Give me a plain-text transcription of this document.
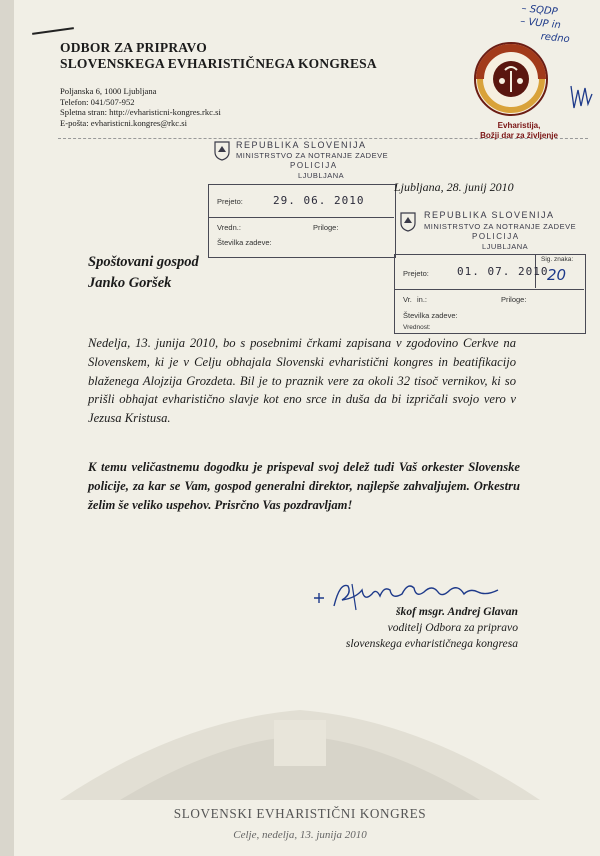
ODBOR ZA PRIPRAVO
SLOVENSKEGA EVHARISTIČNEGA KONGRESA
Poljanska 6, 1000 Ljubljana
Telefon: 041/507-952
Spletna stran: http://evharisticni-kongres.rkc.si
E-pošta: evharisticni.kongres@rkc.si	Evharistija,
Božji dar za življenje
– SQDP
– VUP in
redno
REPUBLIKA SLOVENIJA
MINISTRSTVO ZA NOTRANJE ZADEVE
POLICIJA
LJUBLJANA
Prejeto:	29. 06. 2010
Vredn.:	Priloge:
Številka zadeve:
Ljubljana, 28. junij 2010
REPUBLIKA SLOVENIJA
MINISTRSTVO ZA NOTRANJE ZADEVE
POLICIJA
LJUBLJANA
Prejeto:	01. 07. 2010
Sig. znaka:
20
Vr. in.:	Priloge:
Številka zadeve:
Vrednost:
Spoštovani gospod
Janko Goršek
Nedelja, 13. junija 2010, bo s posebnimi črkami zapisana v zgodovino Cerkve na Slovenskem, ki je v Celju obhajala Slovenski evharistični kongres in beatifikacijo blaženega Alojzija Grozdeta. Bil je to praznik vere za okoli 32 tisoč vernikov, ki so prišli obhajat evharistično slavje kot eno srce in duša da bi izpričali svojo vero v Jezusa Kristusa.
K temu veličastnemu dogodku je prispeval svoj delež tudi Vaš orkester Slovenske policije, za kar se Vam, gospod generalni direktor, najlepše zahvaljujem. Orkestru želim še veliko uspehov. Prisrčno Vas pozdravljam!
škof msgr. Andrej Glavan
voditelj Odbora za pripravo
slovenskega evharističnega kongresa
SLOVENSKI EVHARISTIČNI KONGRES
Celje, nedelja, 13. junija 2010
